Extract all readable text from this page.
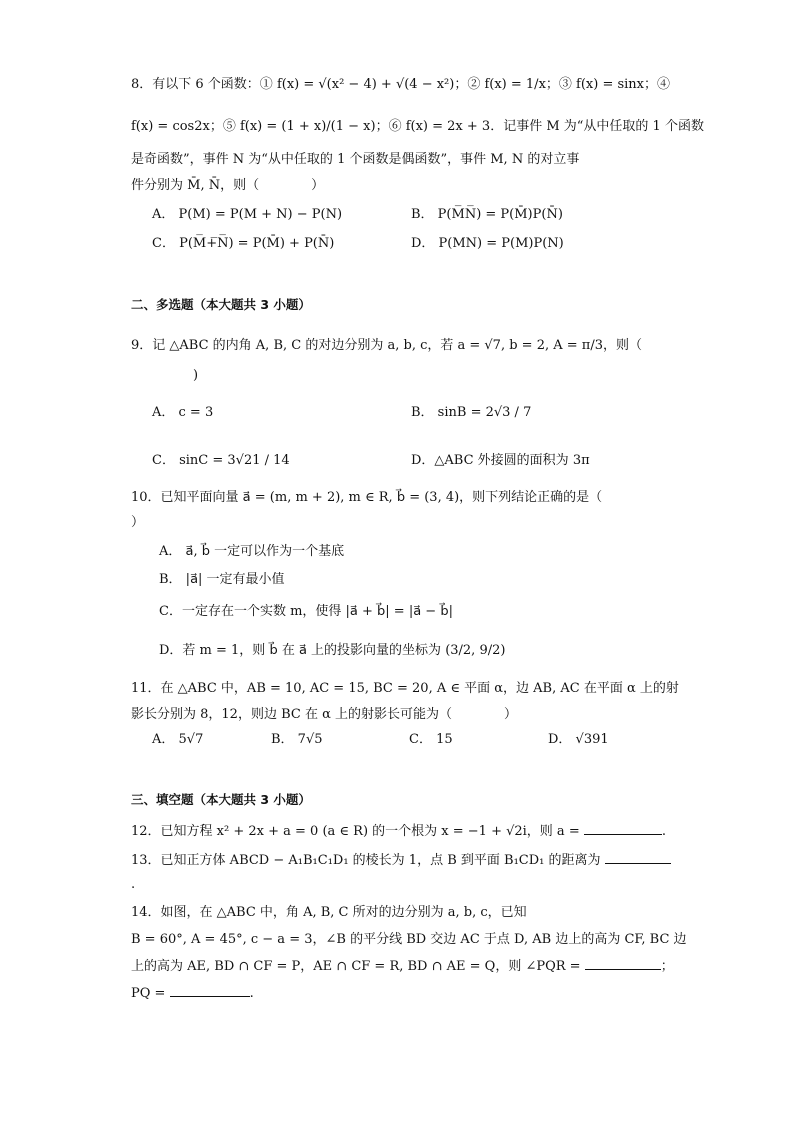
8．有以下 6 个函数：① f(x) = √(x² − 4) + √(4 − x²)；② f(x) = 1/x；③ f(x) = sinx；④
f(x) = cos2x；⑤ f(x) = (1 + x)/(1 − x)；⑥ f(x) = 2x + 3．记事件 M 为“从中任取的 1 个函数
是奇函数”，事件 N 为“从中任取的 1 个函数是偶函数”，事件 M, N 的对立事
件分别为 M̄, N̄，则（　　　　）
A． P(M) = P(M + N) − P(N)	B． P(M̅N̅) = P(M̄)P(N̄)
C． P(M̅+̅N̅) = P(M̄) + P(N̄)	D． P(MN) = P(M)P(N)
二、多选题（本大题共 3 小题）
9．记 △ABC 的内角 A, B, C 的对边分别为 a, b, c，若 a = √7, b = 2, A = π/3，则（
)
A． c = 3	B． sinB = 2√3 / 7
C． sinC = 3√21 / 14	D．△ABC 外接圆的面积为 3π
10．已知平面向量 a⃗ = (m, m + 2), m ∈ R, b⃗ = (3, 4)，则下列结论正确的是（
）
A． a⃗, b⃗ 一定可以作为一个基底
B． |a⃗| 一定有最小值
C．一定存在一个实数 m，使得 |a⃗ + b⃗| = |a⃗ − b⃗|
D．若 m = 1，则 b⃗ 在 a⃗ 上的投影向量的坐标为 (3/2, 9/2)
11．在 △ABC 中，AB = 10, AC = 15, BC = 20, A ∈ 平面 α，边 AB, AC 在平面 α 上的射
影长分别为 8，12，则边 BC 在 α 上的射影长可能为（　　　　）
A． 5√7	B． 7√5	C． 15	D． √391
三、填空题（本大题共 3 小题）
12．已知方程 x² + 2x + a = 0 (a ∈ R) 的一个根为 x = −1 + √2i，则 a =	.
13．已知正方体 ABCD − A₁B₁C₁D₁ 的棱长为 1，点 B 到平面 B₁CD₁ 的距离为
.
14．如图，在 △ABC 中，角 A, B, C 所对的边分别为 a, b, c，已知
B = 60°, A = 45°, c − a = 3，∠B 的平分线 BD 交边 AC 于点 D, AB 边上的高为 CF, BC 边
上的高为 AE, BD ∩ CF = P，AE ∩ CF = R, BD ∩ AE = Q，则 ∠PQR =	；
PQ =	.
